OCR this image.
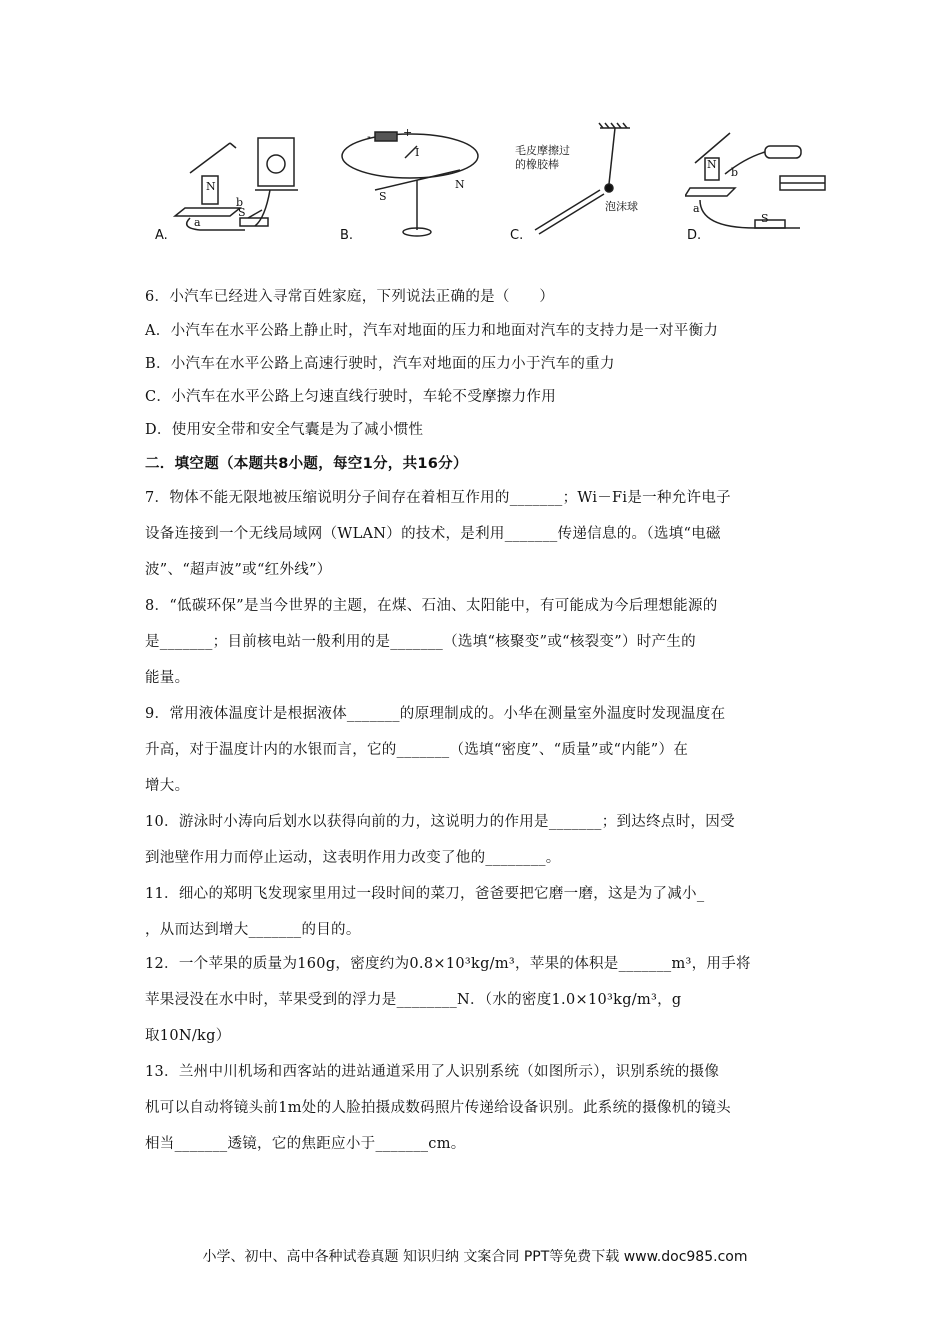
N
b
a
S
A.
-	+
I
S
N
B.
毛皮摩擦过
的橡胶棒
泡沫球
C.
N
b
a
S
D.
6．小汽车已经进入寻常百姓家庭，下列说法正确的是（　　）
A．小汽车在水平公路上静止时，汽车对地面的压力和地面对汽车的支持力是一对平衡力
B．小汽车在水平公路上高速行驶时，汽车对地面的压力小于汽车的重力
C．小汽车在水平公路上匀速直线行驶时，车轮不受摩擦力作用
D．使用安全带和安全气囊是为了减小惯性
二．填空题（本题共8小题，每空1分，共16分）
7．物体不能无限地被压缩说明分子间存在着相互作用的_______；Wi－Fi是一种允许电子
设备连接到一个无线局域网（WLAN）的技术，是利用_______传递信息的。（选填“电磁
波”、“超声波”或“红外线”）
8．“低碳环保”是当今世界的主题，在煤、石油、太阳能中，有可能成为今后理想能源的
是_______；目前核电站一般利用的是_______（选填“核聚变”或“核裂变”）时产生的
能量。
9．常用液体温度计是根据液体_______的原理制成的。小华在测量室外温度时发现温度在
升高，对于温度计内的水银而言，它的_______（选填“密度”、“质量”或“内能”）在
增大。
10．游泳时小涛向后划水以获得向前的力，这说明力的作用是_______；到达终点时，因受
到池壁作用力而停止运动，这表明作用力改变了他的________。
11．细心的郑明飞发现家里用过一段时间的菜刀，爸爸要把它磨一磨，这是为了减小_
，从而达到增大_______的目的。
12．一个苹果的质量为160g，密度约为0.8×10³kg/m³，苹果的体积是_______m³，用手将
苹果浸没在水中时，苹果受到的浮力是________N．（水的密度1.0×10³kg/m³，g
取10N/kg）
13．兰州中川机场和西客站的进站通道采用了人识别系统（如图所示），识别系统的摄像
机可以自动将镜头前1m处的人脸拍摄成数码照片传递给设备识别。此系统的摄像机的镜头
相当_______透镜，它的焦距应小于_______cm。
小学、初中、高中各种试卷真题 知识归纳 文案合同 PPT等免费下载 www.doc985.com
